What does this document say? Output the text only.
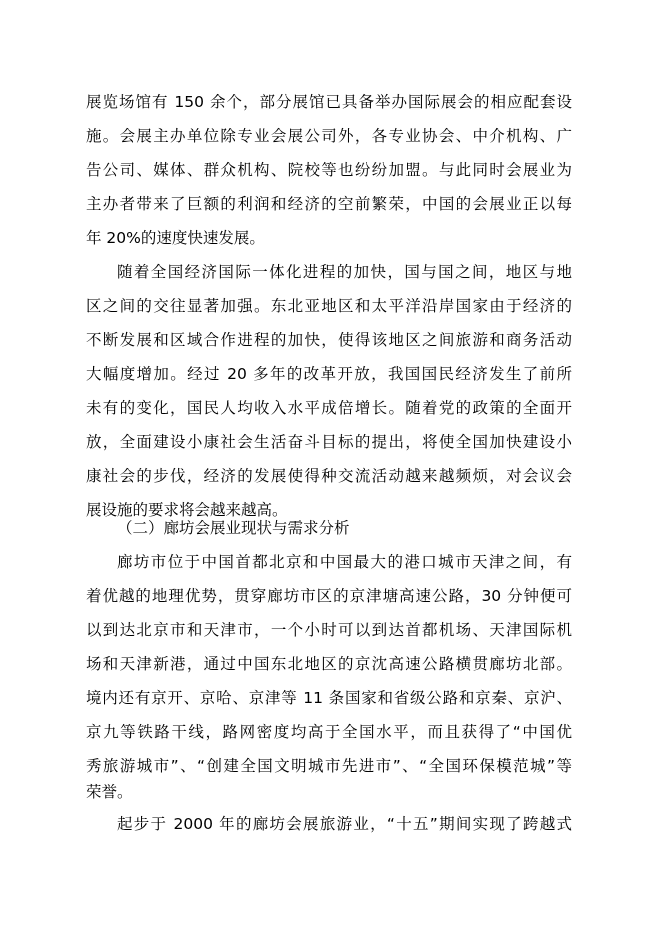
展览场馆有 150 余个，部分展馆已具备举办国际展会的相应配套设
施。会展主办单位除专业会展公司外，各专业协会、中介机构、广
告公司、媒体、群众机构、院校等也纷纷加盟。与此同时会展业为
主办者带来了巨额的利润和经济的空前繁荣，中国的会展业正以每
年 20%的速度快速发展。
随着全国经济国际一体化进程的加快，国与国之间，地区与地
区之间的交往显著加强。东北亚地区和太平洋沿岸国家由于经济的
不断发展和区域合作进程的加快，使得该地区之间旅游和商务活动
大幅度增加。经过 20 多年的改革开放，我国国民经济发生了前所
未有的变化，国民人均收入水平成倍增长。随着党的政策的全面开
放，全面建设小康社会生活奋斗目标的提出，将使全国加快建设小
康社会的步伐，经济的发展使得种交流活动越来越频烦，对会议会
展设施的要求将会越来越高。
（二）廊坊会展业现状与需求分析
廊坊市位于中国首都北京和中国最大的港口城市天津之间，有
着优越的地理优势，贯穿廊坊市区的京津塘高速公路，30 分钟便可
以到达北京市和天津市，一个小时可以到达首都机场、天津国际机
场和天津新港，通过中国东北地区的京沈高速公路横贯廊坊北部。
境内还有京开、京哈、京津等 11 条国家和省级公路和京秦、京沪、
京九等铁路干线，路网密度均高于全国水平，而且获得了“中国优
秀旅游城市”、“创建全国文明城市先进市”、“全国环保模范城”等
荣誉。
起步于 2000 年的廊坊会展旅游业，“十五”期间实现了跨越式
